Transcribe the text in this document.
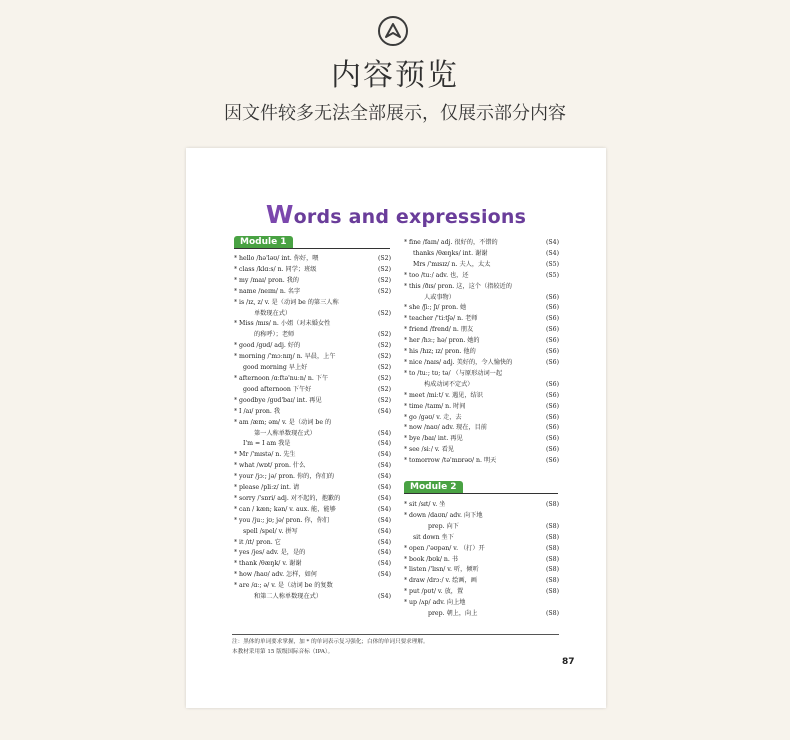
内容预览
因文件较多无法全部展示，仅展示部分内容
Words and expressions
Module 1
Module 2
* hello /hə'ləʊ/ int. 你好，喂	(S2)
* class /klɑːs/ n. 同学；班级	(S2)
* my /maɪ/ pron. 我的	(S2)
* name /neɪm/ n. 名字	(S2)
* is /ɪz, z/ v. 是（动词 be 的第三人称
单数现在式）	(S2)
* Miss /mɪs/ n. 小姐（对未婚女性
的称呼）；老师	(S2)
* good /gʊd/ adj. 好的	(S2)
* morning /'mɔːnɪŋ/ n. 早晨，上午	(S2)
good morning 早上好	(S2)
* afternoon /ɑːftə'nuːn/ n. 下午	(S2)
good afternoon 下午好	(S2)
* goodbye /gʊd'baɪ/ int. 再见	(S2)
* I /aɪ/ pron. 我	(S4)
* am /æm; əm/ v. 是（动词 be 的
第一人称单数现在式）	(S4)
I'm = I am 我是	(S4)
* Mr /'mɪstə/ n. 先生	(S4)
* what /wɒt/ pron. 什么	(S4)
* your /jɔː; jə/ pron. 你的，你们的	(S4)
* please /pliːz/ int. 请	(S4)
* sorry /'sɒri/ adj. 对不起的，抱歉的	(S4)
* can / kæn; kən/ v. aux. 能，能够	(S4)
* you /juː; jʊ; jə/ pron. 你，你们	(S4)
spell /spel/ v. 拼写	(S4)
* it /ɪt/ pron. 它	(S4)
* yes /jes/ adv. 是，是的	(S4)
* thank /θæŋk/ v. 谢谢	(S4)
* how /haʊ/ adv. 怎样，如何	(S4)
* are /ɑː; ə/ v. 是（动词 be 的复数
和第二人称单数现在式）	(S4)
* fine /faɪn/ adj. 很好的，不错的	(S4)
thanks /θæŋks/ int. 谢谢	(S4)
Mrs /'mɪsɪz/ n. 夫人，太太	(S5)
* too /tuː/ adv. 也，还	(S5)
* this /ðɪs/ pron. 这，这个（指较近的
人或事物）	(S6)
* she /ʃiː; ʃɪ/ pron. 她	(S6)
* teacher /'tiːtʃə/ n. 老师	(S6)
* friend /frend/ n. 朋友	(S6)
* her /hɜː; hə/ pron. 她的	(S6)
* his /hɪz; ɪz/ pron. 他的	(S6)
* nice /naɪs/ adj. 美好的，令人愉快的	(S6)
* to /tuː; tʊ; tə/ （与原形动词一起
构成动词不定式）	(S6)
* meet /miːt/ v. 遇见，结识	(S6)
* time /taɪm/ n. 时间	(S6)
* go /gəʊ/ v. 走，去	(S6)
* now /naʊ/ adv. 现在，目前	(S6)
* bye /baɪ/ int. 再见	(S6)
* see /siː/ v. 看见	(S6)
* tomorrow /tə'mɒrəʊ/ n. 明天	(S6)
* sit /sɪt/ v. 坐	(S8)
* down /daʊn/ adv. 向下地
prep. 向下	(S8)
sit down 坐下	(S8)
* open /'əʊpən/ v. （打）开	(S8)
* book /bʊk/ n. 书	(S8)
* listen /'lɪsn/ v. 听，倾听	(S8)
* draw /drɔː/ v. 绘画，画	(S8)
* put /pʊt/ v. 放，置	(S8)
* up /ʌp/ adv. 向上地
prep. 朝上，向上	(S8)
注：黑体的单词要求掌握，加 * 的单词表示复习强化；白体的单词只要求理解。
本教材采用第 15 版级国际音标（IPA）。
87
